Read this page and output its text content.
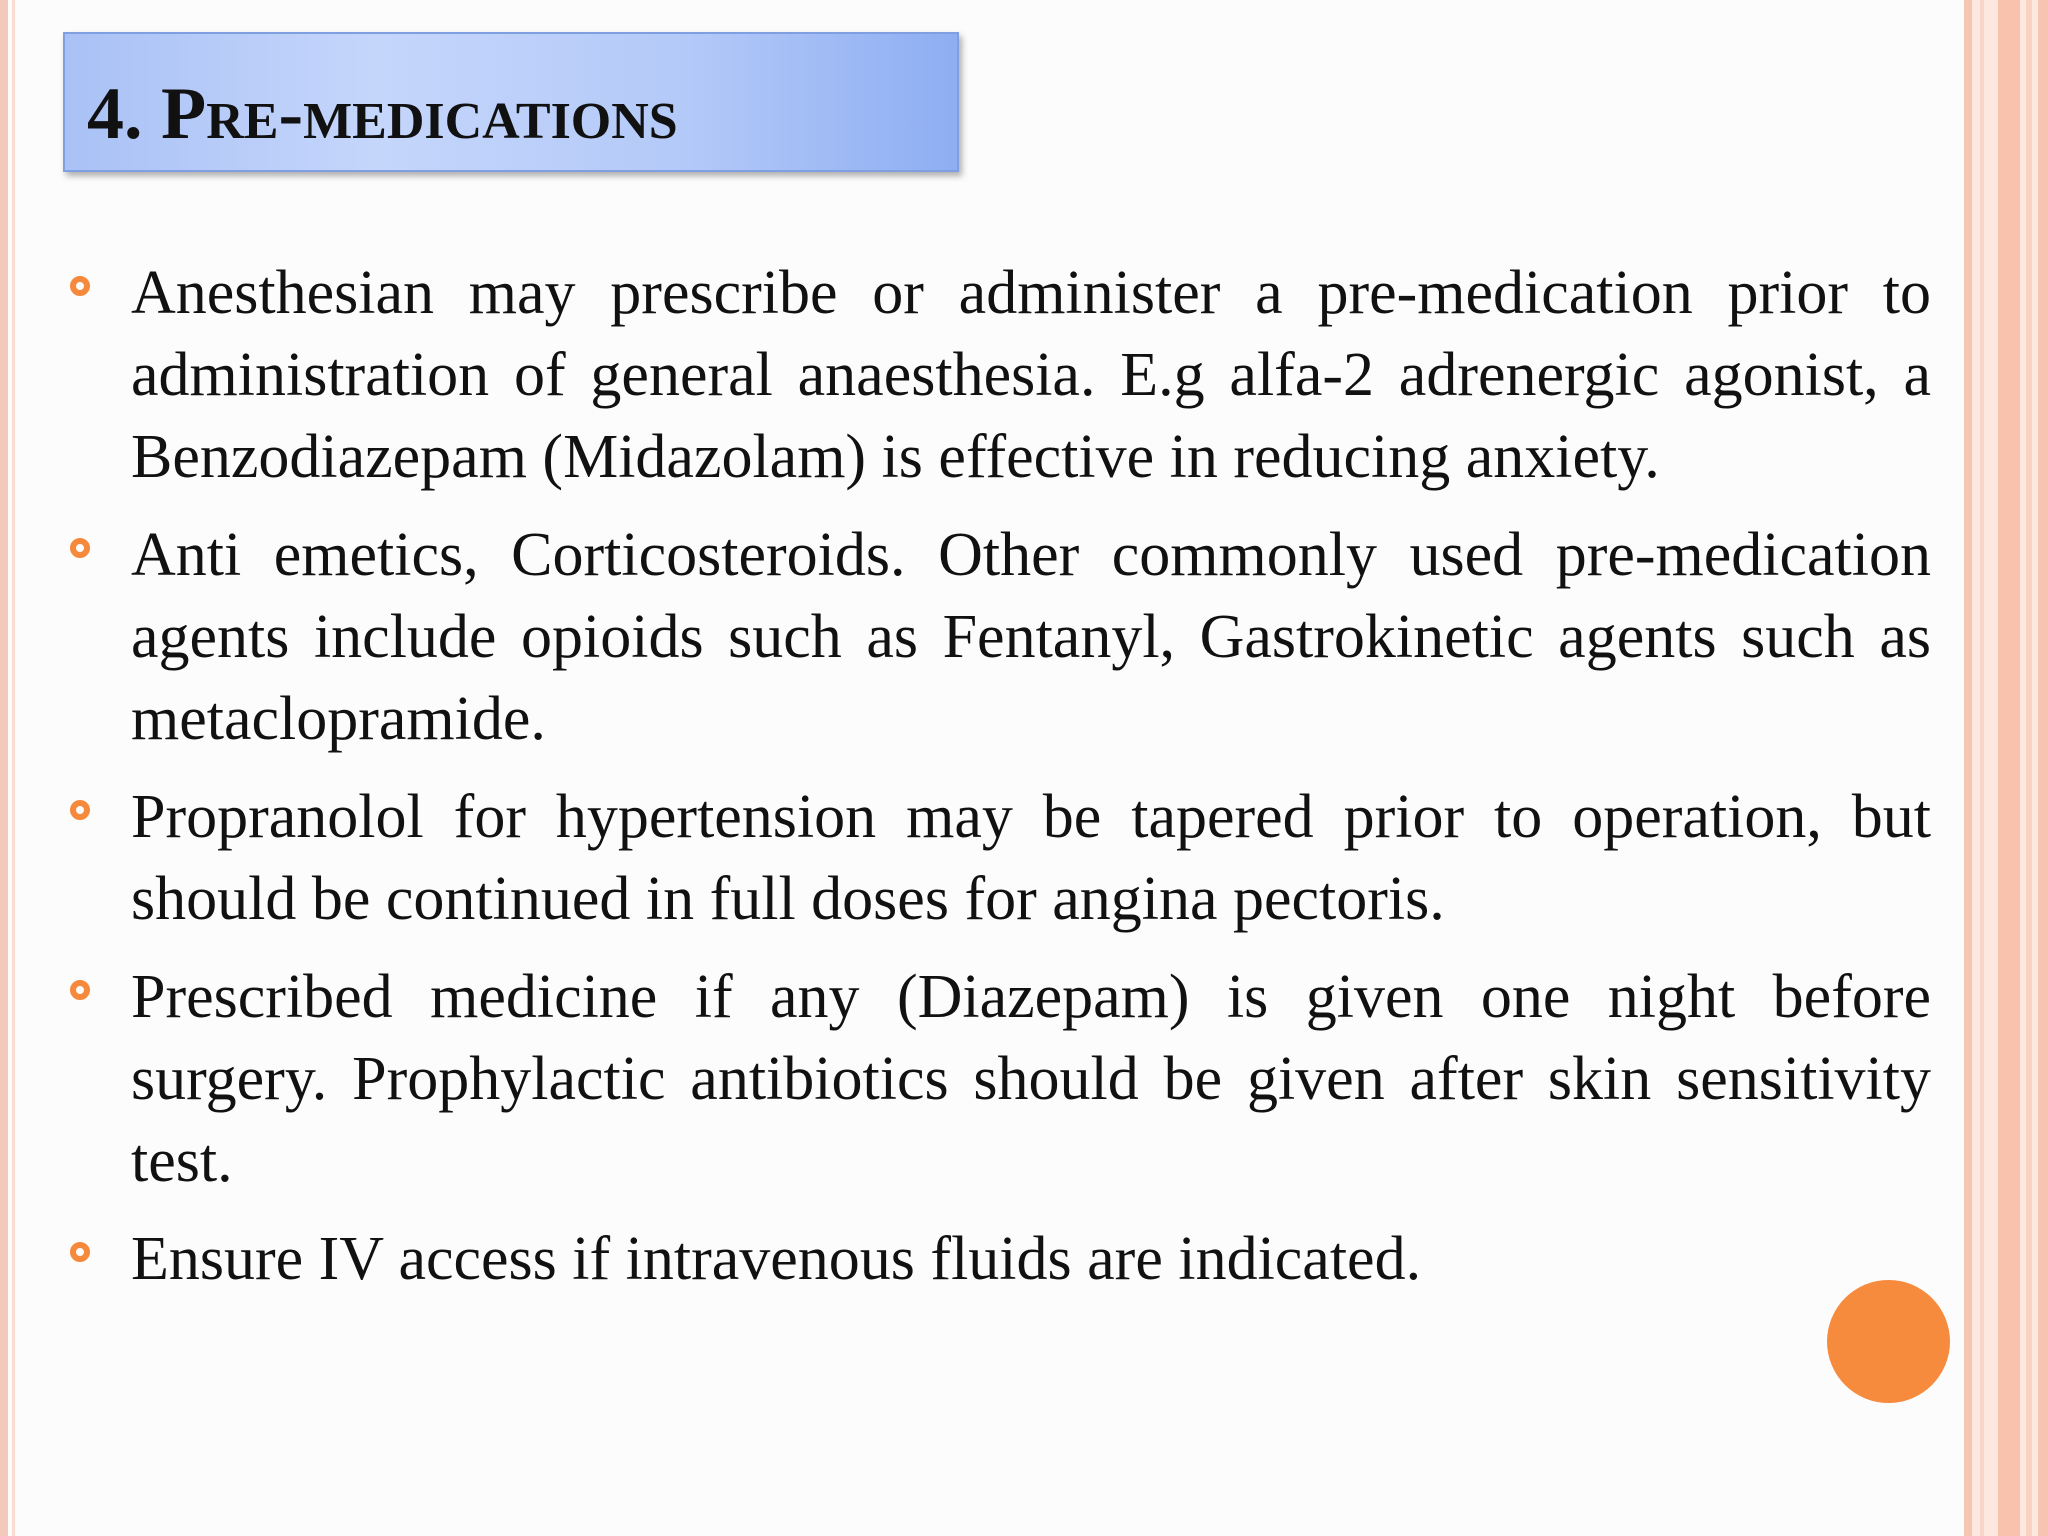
4. Pre-medications
Anesthesian may prescribe or administer a pre-medication prior to administration of general anaesthesia. E.g alfa-2 adrenergic agonist, a Benzodiazepam (Midazolam) is effective in reducing anxiety.
Anti emetics, Corticosteroids. Other commonly used pre-medication agents include opioids such as Fentanyl, Gastrokinetic agents such as metaclopramide.
Propranolol for hypertension may be tapered prior to operation, but should be continued in full doses for angina pectoris.
Prescribed medicine if any (Diazepam) is given one night before surgery. Prophylactic antibiotics should be given after skin sensitivity test.
Ensure IV access if intravenous fluids are indicated.
